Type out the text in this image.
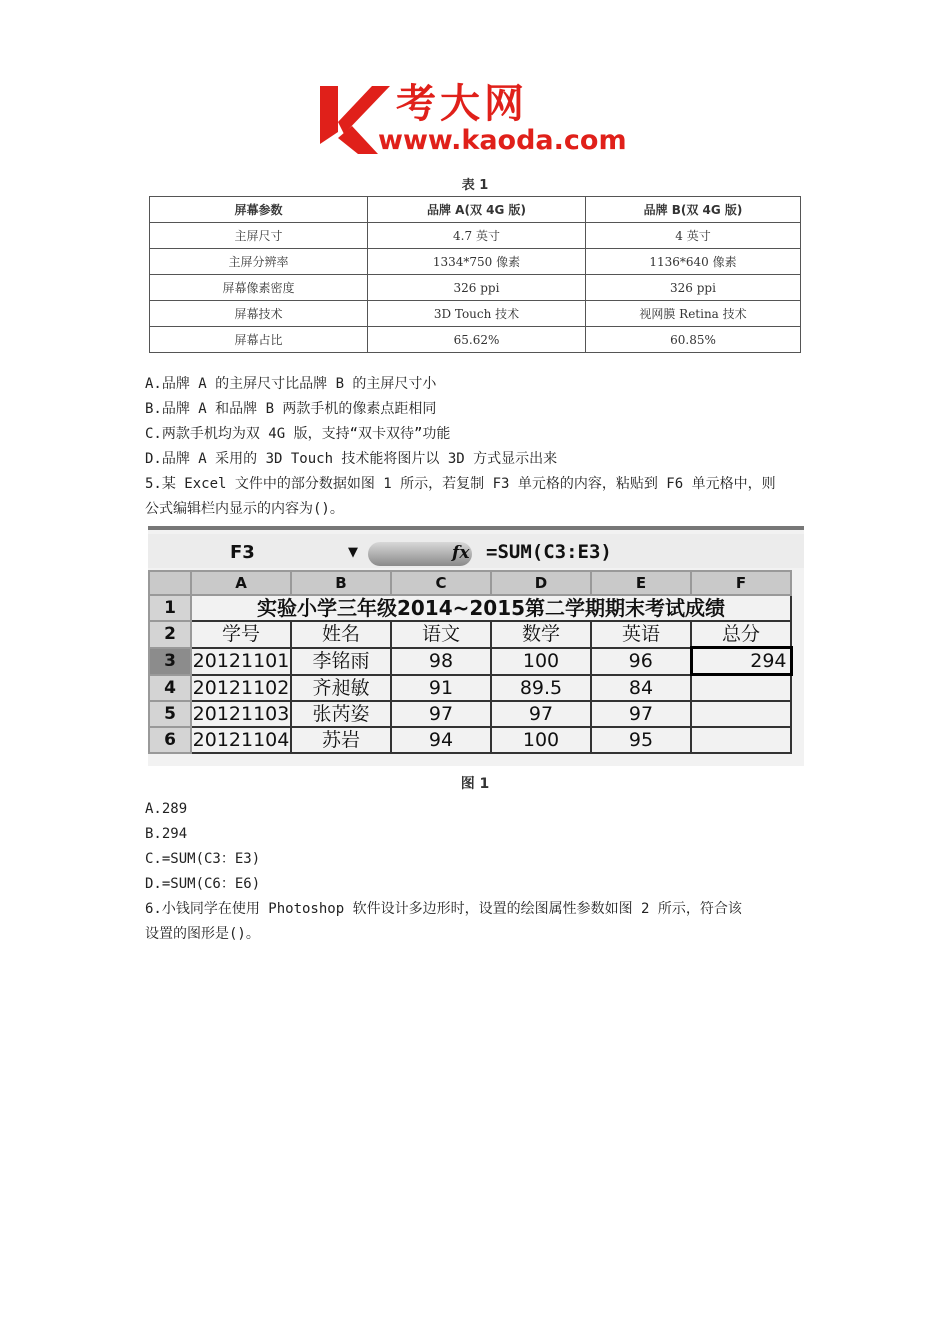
考大网
www.kaoda.com
表 1
屏幕参数	品牌 A(双 4G 版)	品牌 B(双 4G 版)
主屏尺寸	4.7 英寸	4 英寸
主屏分辨率	1334*750 像素	1136*640 像素
屏幕像素密度	326 ppi	326 ppi
屏幕技术	3D Touch 技术	视网膜 Retina 技术
屏幕占比	65.62%	60.85%
A.品牌 A 的主屏尺寸比品牌 B 的主屏尺寸小
B.品牌 A 和品牌 B 两款手机的像素点距相同
C.两款手机均为双 4G 版，支持“双卡双待”功能
D.品牌 A 采用的 3D Touch 技术能将图片以 3D 方式显示出来
5.某 Excel 文件中的部分数据如图 1 所示，若复制 F3 单元格的内容，粘贴到 F6 单元格中，则
公式编辑栏内显示的内容为()。
F3	▼	fx =SUM(C3:E3)
	A	B	C	D	E	F
1	实验小学三年级2014~2015第二学期期末考试成绩					
2	学号	姓名	语文	数学	英语	总分
3	20121101	李铭雨	98	100	96	294
4	20121102	齐昶敏	91	89.5	84	
5	20121103	张芮姿	97	97	97	
6	20121104	苏岩	94	100	95	
图 1
A.289
B.294
C.=SUM(C3：E3)
D.=SUM(C6：E6)
6.小钱同学在使用 Photoshop 软件设计多边形时，设置的绘图属性参数如图 2 所示，符合该
设置的图形是()。
